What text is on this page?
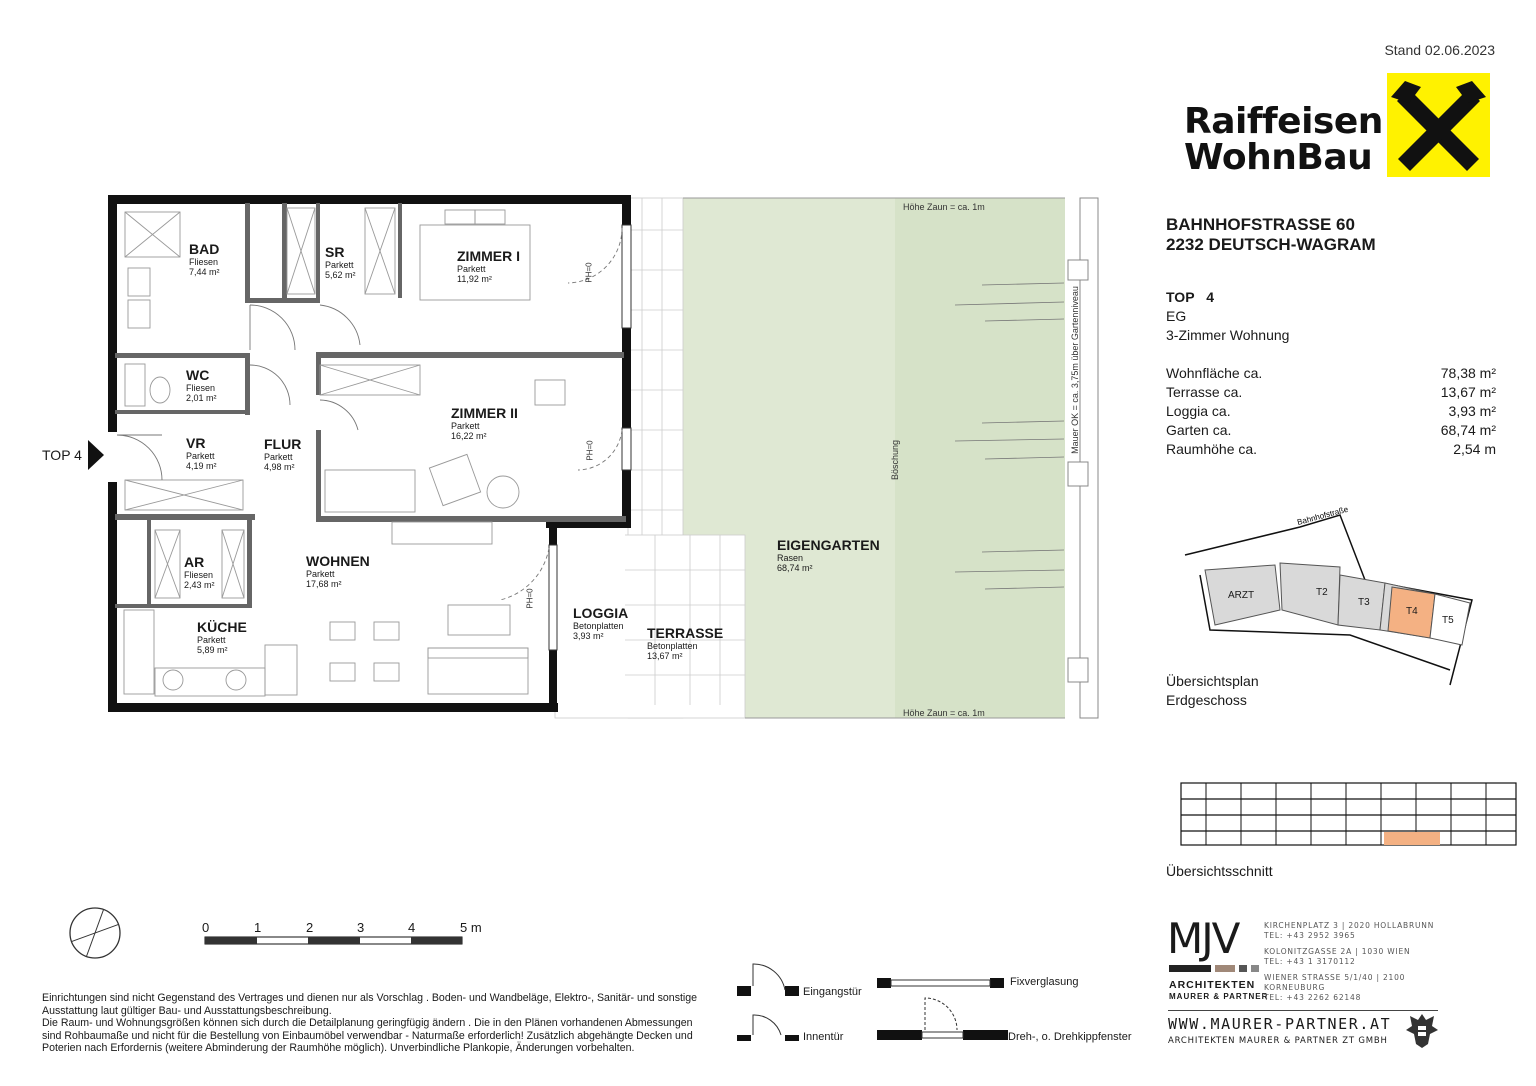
Stand 02.06.2023
Raiffeisen
WohnBau
BAHNHOFSTRASSE 60
2232 DEUTSCH-WAGRAM
TOP 4
EG
3-Zimmer Wohnung
Wohnfläche ca.	78,38 m²
Terrasse ca.	13,67 m²
Loggia ca.	3,93 m²
Garten ca.	68,74 m²
Raumhöhe ca.	2,54 m
BAD
Fliesen
7,44 m²
SR
Parkett
5,62 m²
ZIMMER I
Parkett
11,92 m²
WC
Fliesen
2,01 m²
ZIMMER II
Parkett
16,22 m²
VR
Parkett
4,19 m²
FLUR
Parkett
4,98 m²
AR
Fliesen
2,43 m²
WOHNEN
Parkett
17,68 m²
KÜCHE
Parkett
5,89 m²
LOGGIA
Betonplatten
3,93 m²	TERRASSE
Betonplatten
13,67 m²
EIGENGARTEN
Rasen
68,74 m²
TOP 4
Höhe Zaun = ca. 1m
Höhe Zaun = ca. 1m
Böschung
Mauer OK = ca. 3,75m über Gartenniveau
PH=0
PH=0
PH=0
Bahnhofstraße
ARZT	T2
T3
T4
T5
Übersichtsplan
Erdgeschoss
Übersichtsschnitt
0	1	2	3	4	5 m
Eingangstür
Innentür
Fixverglasung
Dreh-, o. Drehkippfenster
Einrichtungen sind nicht Gegenstand des Vertrages und dienen nur als Vorschlag . Boden- und Wandbeläge, Elektro-, Sanitär- und sonstige
Ausstattung laut gültiger Bau- und Ausstattungsbeschreibung.
Die Raum- und Wohnungsgrößen können sich durch die Detailplanung geringfügig ändern . Die in den Plänen vorhandenen Abmessungen
sind Rohbaumaße und nicht für die Bestellung von Einbaumöbel verwendbar - Naturmaße erforderlich! Zusätzlich abgehängte Decken und
Poterien nach Erfordernis (weitere Abminderung der Raumhöhe möglich). Unverbindliche Plankopie, Änderungen vorbehalten.
MJV
ARCHITEKTEN
MAURER & PARTNER
KIRCHENPLATZ 3 | 2020 HOLLABRUNN
TEL: +43 2952 3965
KOLONITZGASSE 2A | 1030 WIEN
TEL: +43 1 3170112
WIENER STRASSE 5/1/40 | 2100 KORNEUBURG
TEL: +43 2262 62148
WWW.MAURER-PARTNER.AT
ARCHITEKTEN MAURER & PARTNER ZT GMBH
